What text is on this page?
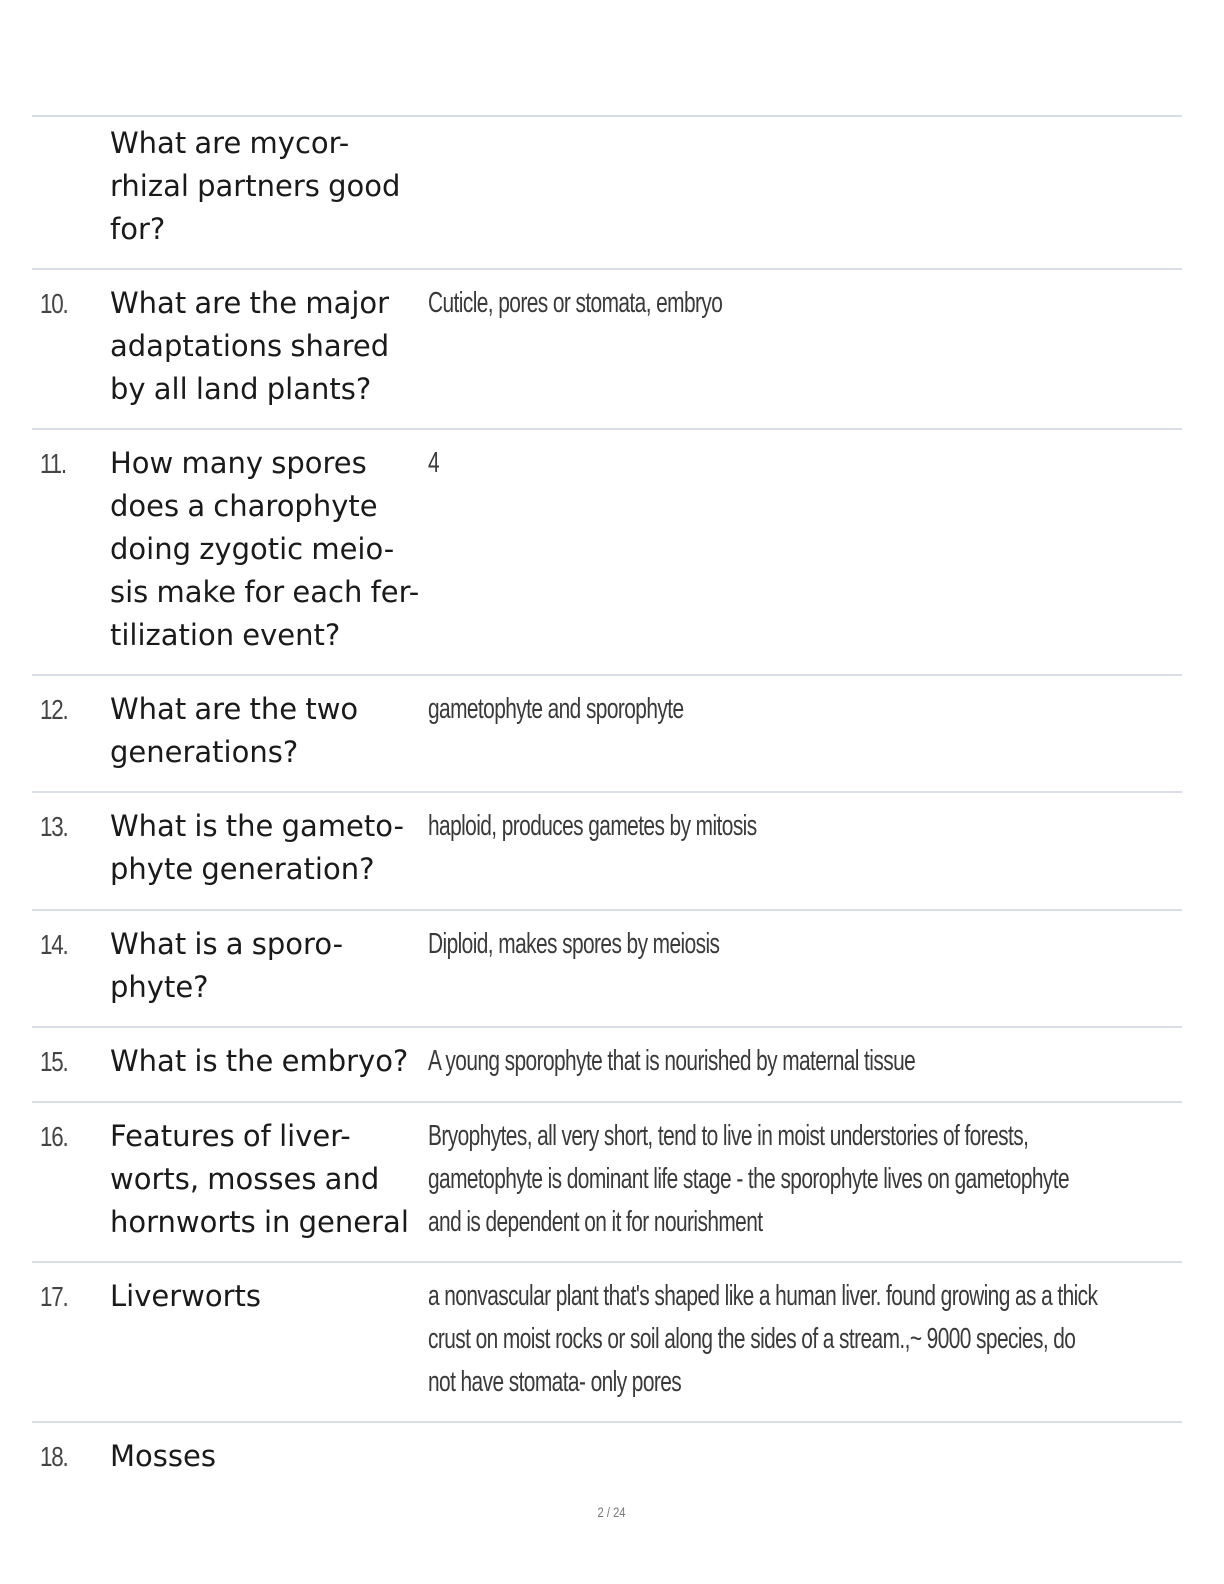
What are mycor-
rhizal partners good
for?
10.	What are the major
adaptations shared
by all land plants?
Cuticle, pores or stomata, embryo
11.	How many spores
does a charophyte
doing zygotic meio-
sis make for each fer-
tilization event?
4
12.	What are the two
generations?
gametophyte and sporophyte
13.	What is the gameto-
phyte generation?
haploid, produces gametes by mitosis
14.	What is a sporo-
phyte?
Diploid, makes spores by meiosis
15.	What is the embryo? A young sporophyte that is nourished by maternal tissue
16.	Features of liver-
worts, mosses and
hornworts in general
Bryophytes, all very short, tend to live in moist understories of forests,
gametophyte is dominant life stage - the sporophyte lives on gametophyte
and is dependent on it for nourishment
17.	Liverworts	a nonvascular plant that's shaped like a human liver. found growing as a thick
crust on moist rocks or soil along the sides of a stream.,~ 9000 species, do
not have stomata- only pores
18.	Mosses
2 / 24
